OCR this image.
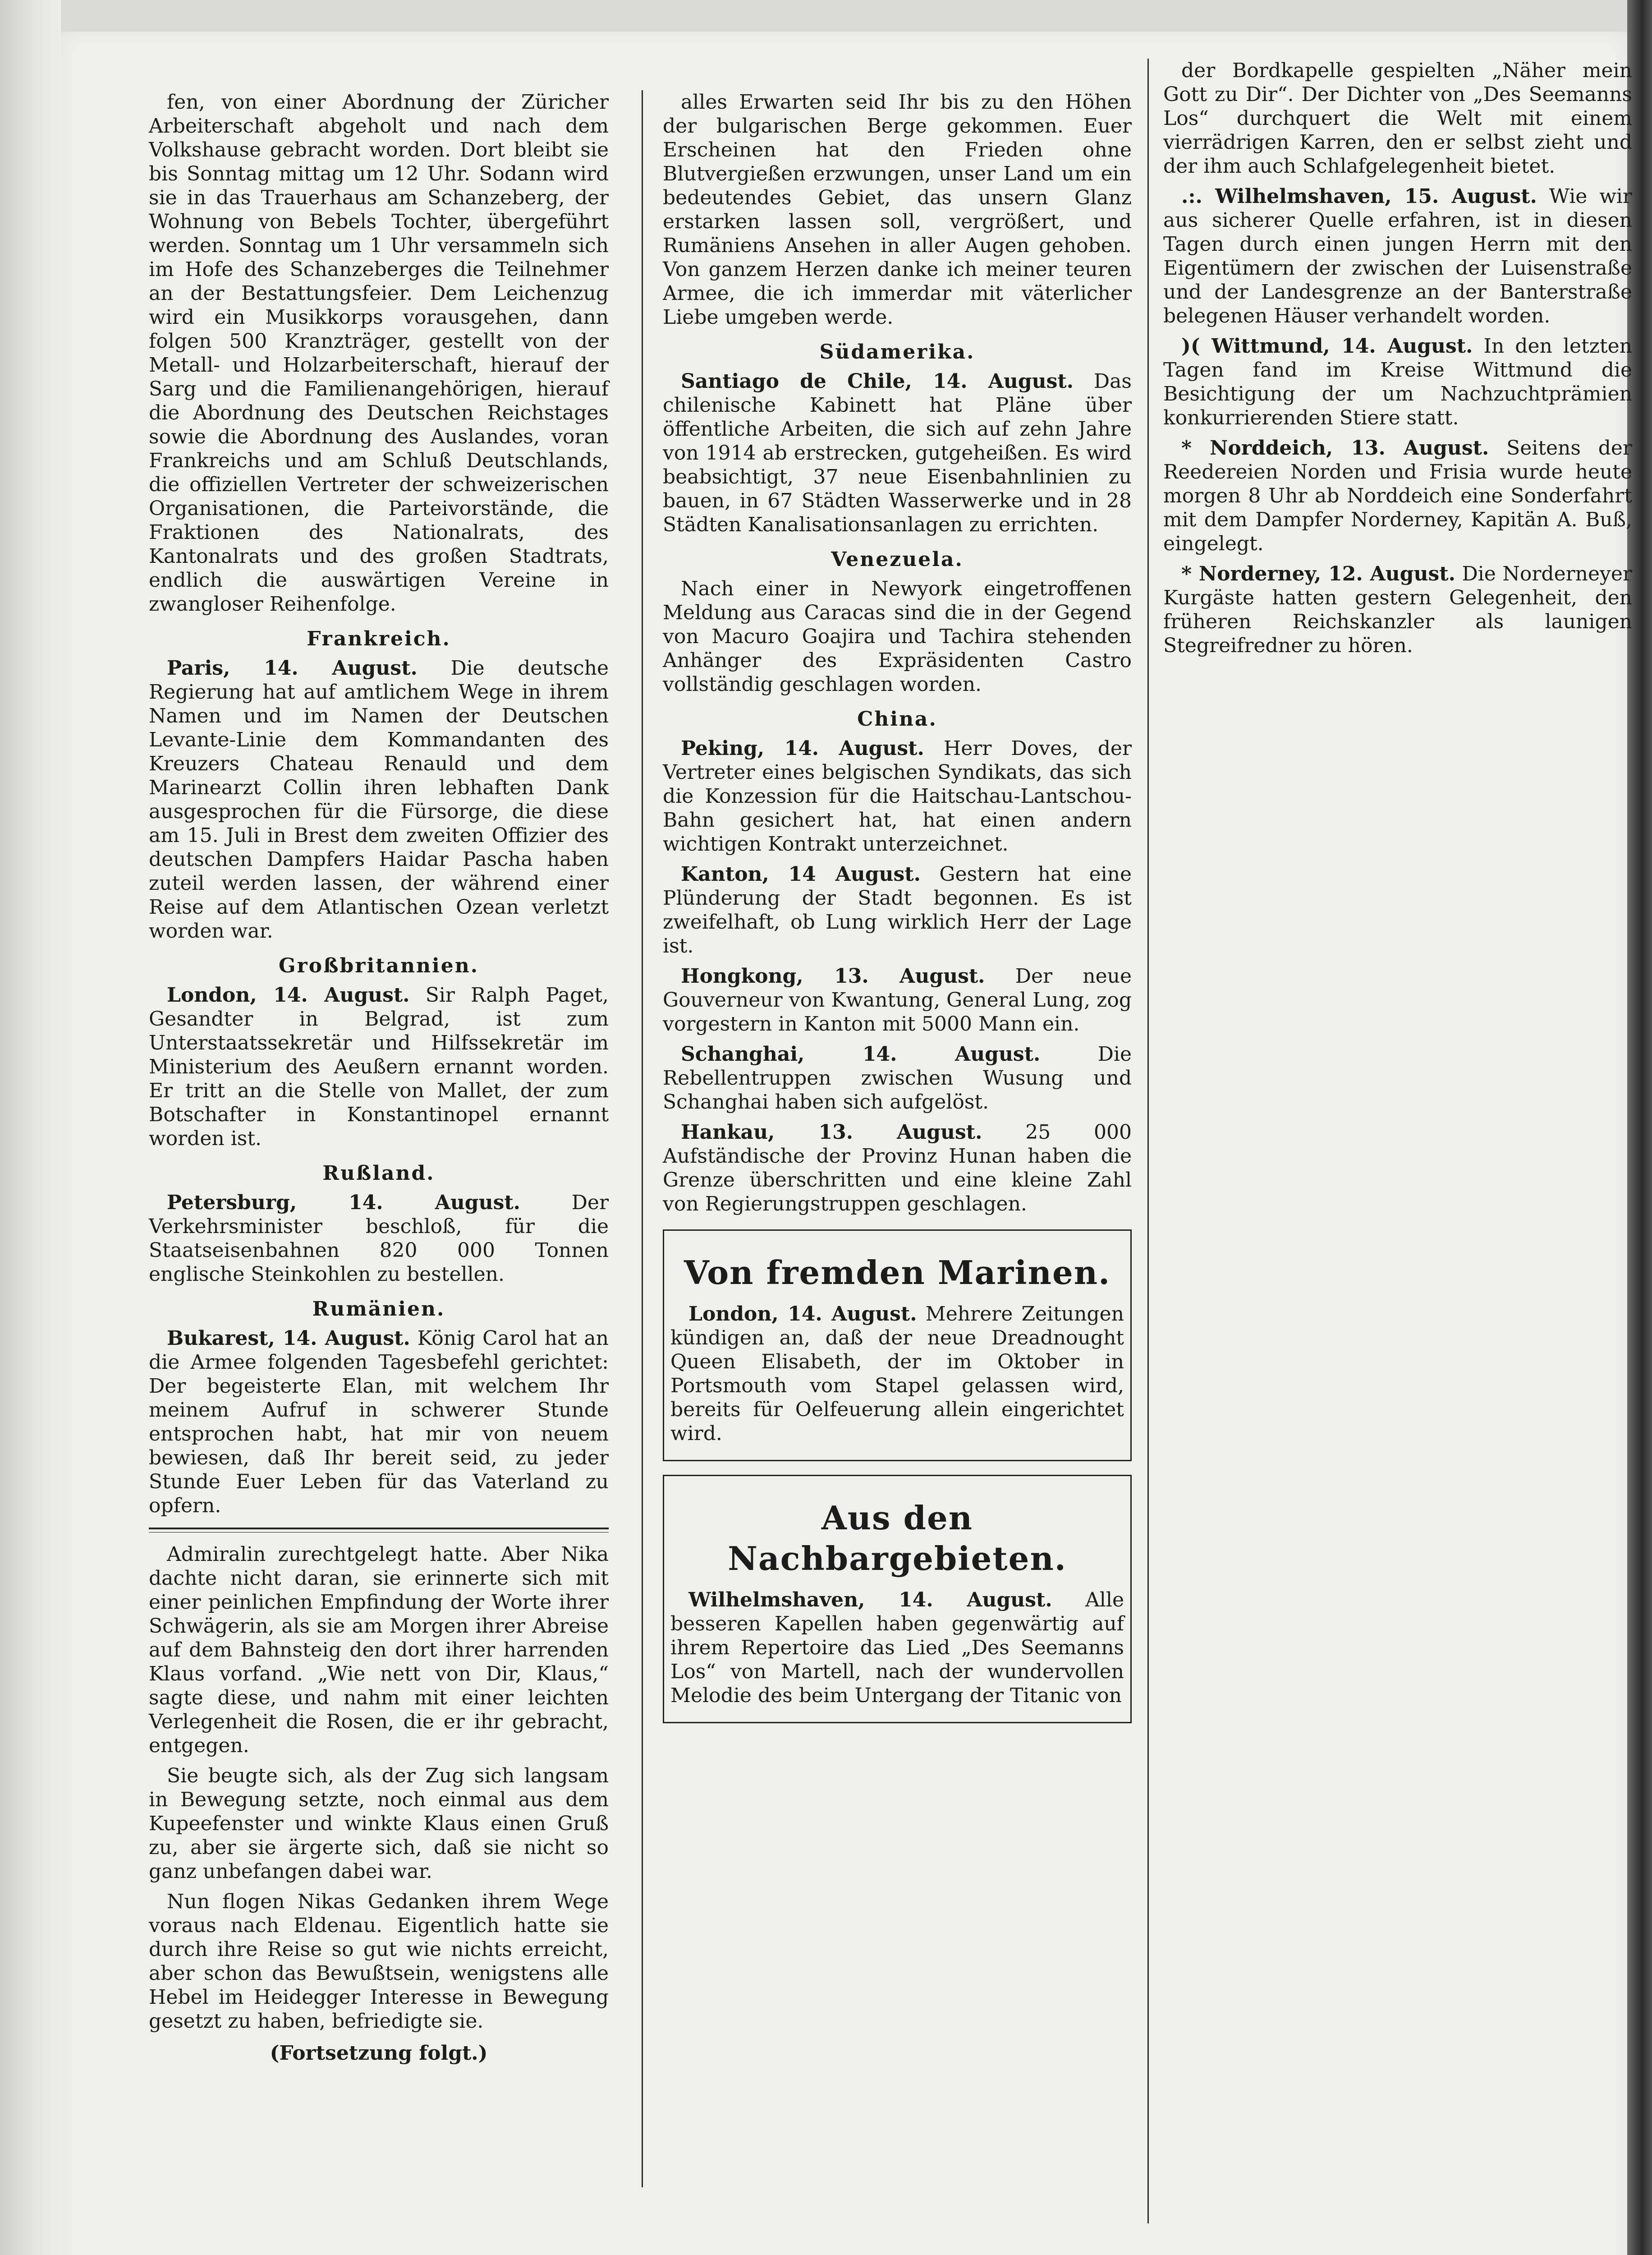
fen, von einer Abordnung der Züricher Arbeiterschaft abgeholt und nach dem Volkshause gebracht worden. Dort bleibt sie bis Sonntag mittag um 12 Uhr. Sodann wird sie in das Trauerhaus am Schanzeberg, der Wohnung von Bebels Tochter, übergeführt werden. Sonntag um 1 Uhr versammeln sich im Hofe des Schanzeberges die Teilnehmer an der Bestattungsfeier. Dem Leichenzug wird ein Musikkorps vorausgehen, dann folgen 500 Kranzträger, gestellt von der Metall- und Holzarbeiterschaft, hierauf der Sarg und die Familienangehörigen, hierauf die Abordnung des Deutschen Reichstages sowie die Abordnung des Auslandes, voran Frankreichs und am Schluß Deutschlands, die offiziellen Vertreter der schweizerischen Organisationen, die Parteivorstände, die Fraktionen des Nationalrats, des Kantonalrats und des großen Stadtrats, endlich die auswärtigen Vereine in zwangloser Reihenfolge.

Frankreich.

Paris, 14. August. Die deutsche Regierung hat auf amtlichem Wege in ihrem Namen und im Namen der Deutschen Levante-Linie dem Kommandanten des Kreuzers Chateau Renauld und dem Marinearzt Collin ihren lebhaften Dank ausgesprochen für die Fürsorge, die diese am 15. Juli in Brest dem zweiten Offizier des deutschen Dampfers Haidar Pascha haben zuteil werden lassen, der während einer Reise auf dem Atlantischen Ozean verletzt worden war.

Großbritannien.

London, 14. August. Sir Ralph Paget, Gesandter in Belgrad, ist zum Unterstaatssekretär und Hilfssekretär im Ministerium des Aeußern ernannt worden. Er tritt an die Stelle von Mallet, der zum Botschafter in Konstantinopel ernannt worden ist.

Rußland.

Petersburg, 14. August.	Der Verkehrsminister beschloß, für die Staatseisenbahnen 820 000 Tonnen englische Steinkohlen zu bestellen.

Rumänien.

Bukarest, 14. August. König Carol hat an die Armee folgenden Tagesbefehl gerichtet: Der begeisterte Elan, mit welchem Ihr meinem Aufruf in schwerer Stunde entsprochen habt, hat mir von neuem bewiesen, daß Ihr bereit seid, zu jeder Stunde Euer Leben für das Vaterland zu opfern.

Admiralin zurechtgelegt hatte. Aber Nika dachte nicht daran, sie erinnerte sich mit einer peinlichen Empfindung der Worte ihrer Schwägerin, als sie am Morgen ihrer Abreise auf dem Bahnsteig den dort ihrer harrenden Klaus vorfand. „Wie nett von Dir, Klaus,“ sagte diese, und nahm mit einer leichten Verlegenheit die Rosen, die er ihr gebracht, entgegen.

Sie beugte sich, als der Zug sich langsam in Bewegung setzte, noch einmal aus dem Kupeefenster und winkte Klaus einen Gruß zu, aber sie ärgerte sich, daß sie nicht so ganz unbefangen dabei war.

Nun flogen Nikas Gedanken ihrem Wege voraus nach Eldenau. Eigentlich hatte sie durch ihre Reise so gut wie nichts erreicht, aber schon das Bewußtsein, wenigstens alle Hebel im Heidegger Interesse in Bewegung gesetzt zu haben, befriedigte sie.

(Fortsetzung folgt.)

alles Erwarten seid Ihr bis zu den Höhen der bulgarischen Berge gekommen. Euer Erscheinen hat den Frieden ohne Blutvergießen erzwungen, unser Land um ein bedeutendes Gebiet, das unsern Glanz erstarken lassen soll, vergrößert, und Rumäniens Ansehen in aller Augen gehoben. Von ganzem Herzen danke ich meiner teuren Armee, die ich immerdar mit väterlicher Liebe umgeben werde.

Südamerika.

Santiago de Chile, 14. August. Das chilenische Kabinett hat Pläne über öffentliche Arbeiten, die sich auf zehn Jahre von 1914 ab erstrecken, gutgeheißen. Es wird beabsichtigt, 37 neue Eisenbahnlinien zu bauen, in 67 Städten Wasserwerke und in 28 Städten Kanalisationsanlagen zu errichten.

Venezuela.

Nach einer in Newyork eingetroffenen Meldung aus Caracas sind die in der Gegend von Macuro Goajira und Tachira stehenden Anhänger des Expräsidenten Castro vollständig geschlagen worden.

China.

Peking, 14. August. Herr Doves, der Vertreter eines belgischen Syndikats, das sich die Konzession für die Haitschau-Lantschou-Bahn gesichert hat, hat einen andern wichtigen Kontrakt unterzeichnet.

Kanton, 14 August. Gestern hat eine Plünderung der Stadt begonnen. Es ist zweifelhaft, ob Lung wirklich Herr der Lage ist.

Hongkong, 13. August. Der neue Gouverneur von Kwantung, General Lung, zog vorgestern in Kanton mit 5000 Mann ein.

Schanghai, 14. August.	Die Rebellentruppen zwischen Wusung und Schanghai haben sich aufgelöst.

Hankau, 13. August. 25 000 Aufständische der Provinz Hunan haben die Grenze überschritten und eine kleine Zahl von Regierungstruppen geschlagen.

Von fremden Marinen.

London, 14. August. Mehrere Zeitungen kündigen an, daß der neue Dreadnought Queen Elisabeth, der im Oktober in Portsmouth vom Stapel gelassen wird, bereits für Oelfeuerung allein eingerichtet wird.

Aus den Nachbargebieten.

Wilhelmshaven, 14. August. Alle besseren Kapellen haben gegenwärtig auf ihrem Repertoire das Lied „Des Seemanns Los“ von Martell, nach der wundervollen Melodie des beim Untergang der Titanic von

der Bordkapelle gespielten „Näher mein Gott zu Dir“. Der Dichter von „Des Seemanns Los“ durchquert die Welt mit einem vierrädrigen Karren, den er selbst zieht und der ihm auch Schlafgelegenheit bietet.

.:. Wilhelmshaven, 15. August. Wie wir aus sicherer Quelle erfahren, ist in diesen Tagen durch einen jungen Herrn mit den Eigentümern der zwischen der Luisenstraße und der Landesgrenze an der Banterstraße belegenen Häuser verhandelt worden.

)( Wittmund, 14. August. In den letzten Tagen fand im Kreise Wittmund die Besichtigung der um Nachzuchtprämien konkurrierenden Stiere statt.

* Norddeich, 13. August. Seitens der Reedereien Norden und Frisia wurde heute morgen 8 Uhr ab Norddeich eine Sonderfahrt mit dem Dampfer Norderney, Kapitän A. Buß, eingelegt.

* Norderney, 12. August. Die Norderneyer Kurgäste hatten gestern Gelegenheit, den früheren Reichskanzler als launigen Stegreifredner zu hören.
